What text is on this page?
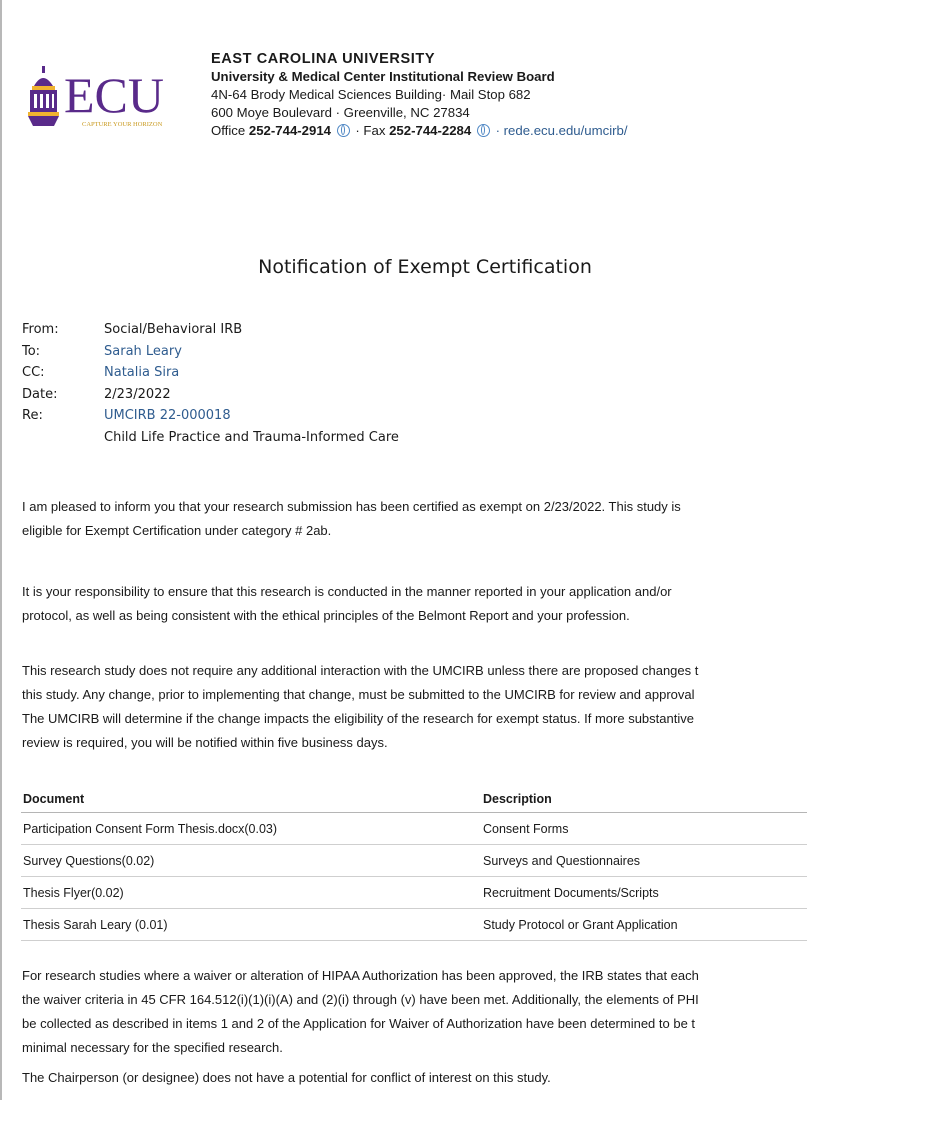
ECU
CAPTURE YOUR HORIZON
EAST CAROLINA UNIVERSITY
University & Medical Center Institutional Review Board
4N-64 Brody Medical Sciences Building· Mail Stop 682
600 Moye Boulevard · Greenville, NC 27834
Office 252-744-2914 · Fax 252-744-2284 · rede.ecu.edu/umcirb/
Notification of Exempt Certification
From:	Social/Behavioral IRB
To:	Sarah Leary
CC:	Natalia Sira
Date:	2/23/2022
Re:	UMCIRB 22-000018
Child Life Practice and Trauma-Informed Care
I am pleased to inform you that your research submission has been certified as exempt on 2/23/2022. This study is
eligible for Exempt Certification under category # 2ab.
It is your responsibility to ensure that this research is conducted in the manner reported in your application and/or
protocol, as well as being consistent with the ethical principles of the Belmont Report and your profession.
This research study does not require any additional interaction with the UMCIRB unless there are proposed changes t
this study. Any change, prior to implementing that change, must be submitted to the UMCIRB for review and approval
The UMCIRB will determine if the change impacts the eligibility of the research for exempt status. If more substantive
review is required, you will be notified within five business days.
Document	Description
Participation Consent Form Thesis.docx(0.03)	Consent Forms
Survey Questions(0.02)	Surveys and Questionnaires
Thesis Flyer(0.02)	Recruitment Documents/Scripts
Thesis Sarah Leary (0.01)	Study Protocol or Grant Application
For research studies where a waiver or alteration of HIPAA Authorization has been approved, the IRB states that each
the waiver criteria in 45 CFR 164.512(i)(1)(i)(A) and (2)(i) through (v) have been met. Additionally, the elements of PHI
be collected as described in items 1 and 2 of the Application for Waiver of Authorization have been determined to be t
minimal necessary for the specified research.
The Chairperson (or designee) does not have a potential for conflict of interest on this study.
